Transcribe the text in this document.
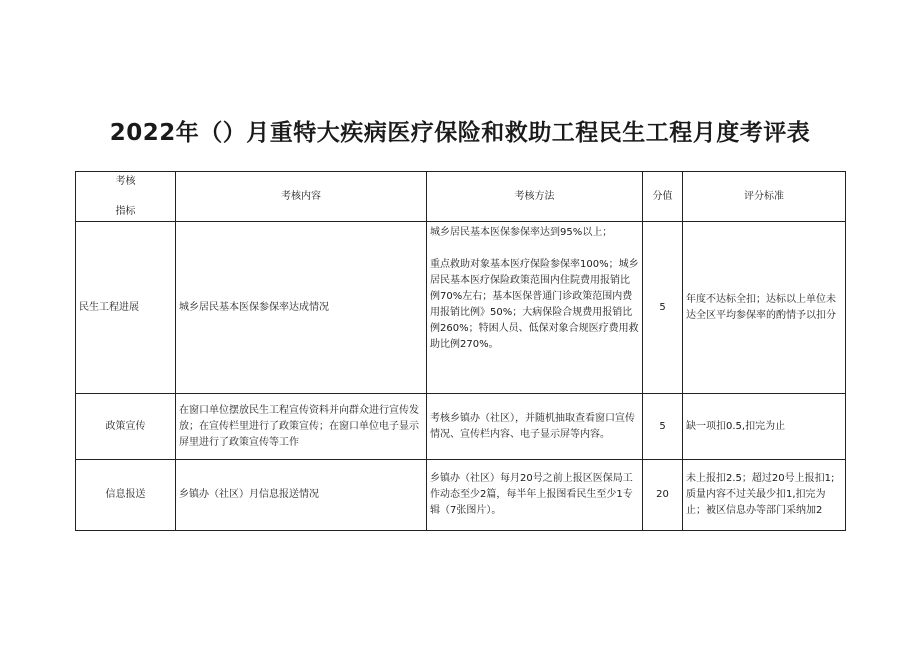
2022年（）月重特大疾病医疗保险和救助工程民生工程月度考评表
考核
指标	考核内容	考核方法	分值	评分标准
民生工程进展	城乡居民基本医保参保率达成情况	城乡居民基本医保参保率达到95%以上；

重点救助对象基本医疗保险参保率100%；城乡居民基本医疗保险政策范围内住院费用报销比例70%左右；基本医保普通门诊政策范围内费用报销比例》50%；大病保险合规费用报销比例260%；特困人员、低保对象合规医疗费用救助比例270%。	5	年度不达标全扣；达标以上单位未达全区平均参保率的酌情予以扣分
政策宣传	在窗口单位摆放民生工程宣传资料并向群众进行宣传发放；在宣传栏里进行了政策宣传；在窗口单位电子显示屏里进行了政策宣传等工作	考核乡镇办（社区），并随机抽取查看窗口宣传情况、宣传栏内容、电子显示屏等内容。	5	缺一项扣0.5,扣完为止
信息报送	乡镇办（社区）月信息报送情况	乡镇办（社区）每月20号之前上报区医保局工作动态至少2篇，每半年上报图看民生至少1专辑（7张图片）。	20	未上报扣2.5；超过20号上报扣1;质量内容不过关最少扣1,扣完为止；被区信息办等部门采纳加2
